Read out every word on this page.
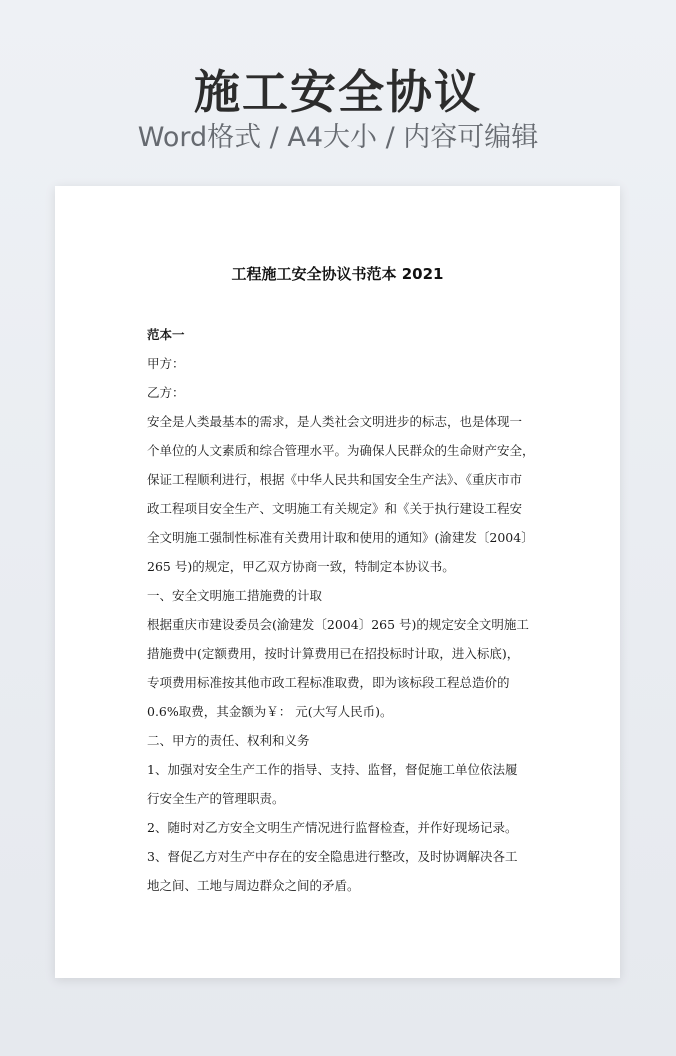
施工安全协议
Word格式 / A4大小 / 内容可编辑
工程施工安全协议书范本 2021
范本一
甲方：
乙方：
安全是人类最基本的需求，是人类社会文明进步的标志，也是体现一
个单位的人文素质和综合管理水平。为确保人民群众的生命财产安全，
保证工程顺利进行，根据《中华人民共和国安全生产法》、《重庆市市
政工程项目安全生产、文明施工有关规定》和《关于执行建设工程安
全文明施工强制性标准有关费用计取和使用的通知》(渝建发〔2004〕
265 号)的规定，甲乙双方协商一致，特制定本协议书。
一、安全文明施工措施费的计取
根据重庆市建设委员会(渝建发〔2004〕265 号)的规定安全文明施工
措施费中(定额费用，按时计算费用已在招投标时计取，进入标底)，
专项费用标准按其他市政工程标准取费，即为该标段工程总造价的
0.6%取费，其金额为￥： 元(大写人民币)。
二、甲方的责任、权利和义务
1、加强对安全生产工作的指导、支持、监督，督促施工单位依法履
行安全生产的管理职责。
2、随时对乙方安全文明生产情况进行监督检查，并作好现场记录。
3、督促乙方对生产中存在的安全隐患进行整改，及时协调解决各工
地之间、工地与周边群众之间的矛盾。
